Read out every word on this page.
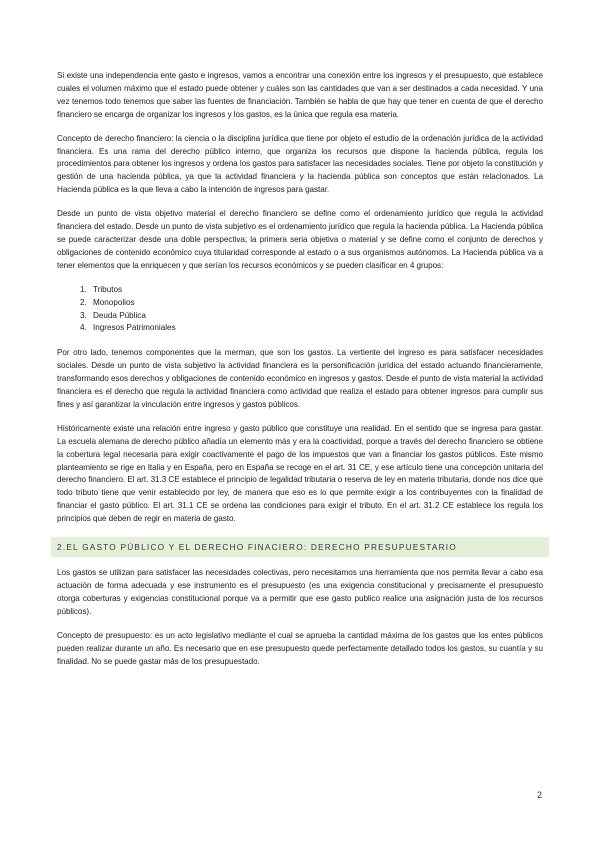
Si existe una independencia ente gasto e ingresos, vamos a encontrar una conexión entre los ingresos y el presupuesto, que establece cuales el volumen máximo que el estado puede obtener y cuáles son las cantidades que van a ser destinados a cada necesidad. Y una vez tenemos todo tenemos que saber las fuentes de financiación. También se habla de que hay que tener en cuenta de que el derecho financiero se encarga de organizar los ingresos y los gastos, es la única que regula esa materia.

Concepto de derecho financiero: la ciencia o la disciplina jurídica que tiene por objeto el estudio de la ordenación jurídica de la actividad financiera. Es una rama del derecho público interno, que organiza los recursos que dispone la hacienda pública, regula los procedimientos para obtener los ingresos y ordena los gastos para satisfacer las necesidades sociales. Tiene por objeto la constitución y gestión de una hacienda pública, ya que la actividad financiera y la hacienda pública son conceptos que están relacionados. La Hacienda pública es la que lleva a cabo la intención de ingresos para gastar.

Desde un punto de vista objetivo material el derecho financiero se define como el ordenamiento jurídico que regula la actividad financiera del estado. Desde un punto de vista subjetivo es el ordenamiento jurídico que regula la hacienda pública. La Hacienda pública se puede caracterizar desde una doble perspectiva; la primera seria objetiva o material y se define como el conjunto de derechos y obligaciones de contenido económico cuya titularidad corresponde al estado o a sus organismos autónomos. La Hacienda pública va a tener elementos que la enriquecen y que serían los recursos económicos y se pueden clasificar en 4 grupos:

1. Tributos
2. Monopolios
3. Deuda Pública
4. Ingresos Patrimoniales

Por otro lado, tenemos componentes que la merman, que son los gastos. La vertiente del ingreso es para satisfacer necesidades sociales. Desde un punto de vista subjetivo la actividad financiera es la personificación jurídica del estado actuando financieramente, transformando esos derechos y obligaciones de contenido económico en ingresos y gastos. Desde el punto de vista material la actividad financiera es el derecho que regula la actividad financiera como actividad que realiza el estado para obtener ingresos para cumplir sus fines y así garantizar la vinculación entre ingresos y gastos públicos.

Históricamente existe una relación entre ingreso y gasto público que constituye una realidad. En el sentido que se ingresa para gastar. La escuela alemana de derecho público añadía un elemento más y era la coactividad, porque a través del derecho financiero se obtiene la cobertura legal necesaria para exigir coactivamente el pago de los impuestos que van a financiar los gastos públicos. Este mismo planteamiento se rige en Italia y en España, pero en España se recoge en el art. 31 CE, y ese artículo tiene una concepción unitaria del derecho financiero. El art. 31.3 CE establece el principio de legalidad tributaria o reserva de ley en materia tributaria, donde nos dice que todo tributo tiene que venir establecido por ley, de manera que eso es lo que permite exigir a los contribuyentes con la finalidad de financiar el gasto público. El art. 31.1 CE se ordena las condiciones para exigir el tributo. En el art. 31.2 CE establece los regula los principios que deben de regir en materia de gasto.

2.EL GASTO PÚBLICO Y EL DERECHO FINACIERO: DERECHO PRESUPUESTARIO

Los gastos se utilizan para satisfacer las necesidades colectivas, pero necesitamos una herramienta que nos permita llevar a cabo esa actuación de forma adecuada y ese instrumento es el presupuesto (es una exigencia constitucional y precisamente el presupuesto otorga coberturas y exigencias constitucional porque va a permitir que ese gasto publico realice una asignación justa de los recursos públicos).

Concepto de presupuesto: es un acto legislativo mediante el cual se aprueba la cantidad máxima de los gastos que los entes públicos pueden realizar durante un año. Es necesario que en ese presupuesto quede perfectamente detallado todos los gastos, su cuantía y su finalidad. No se puede gastar más de los presupuestado.

2
